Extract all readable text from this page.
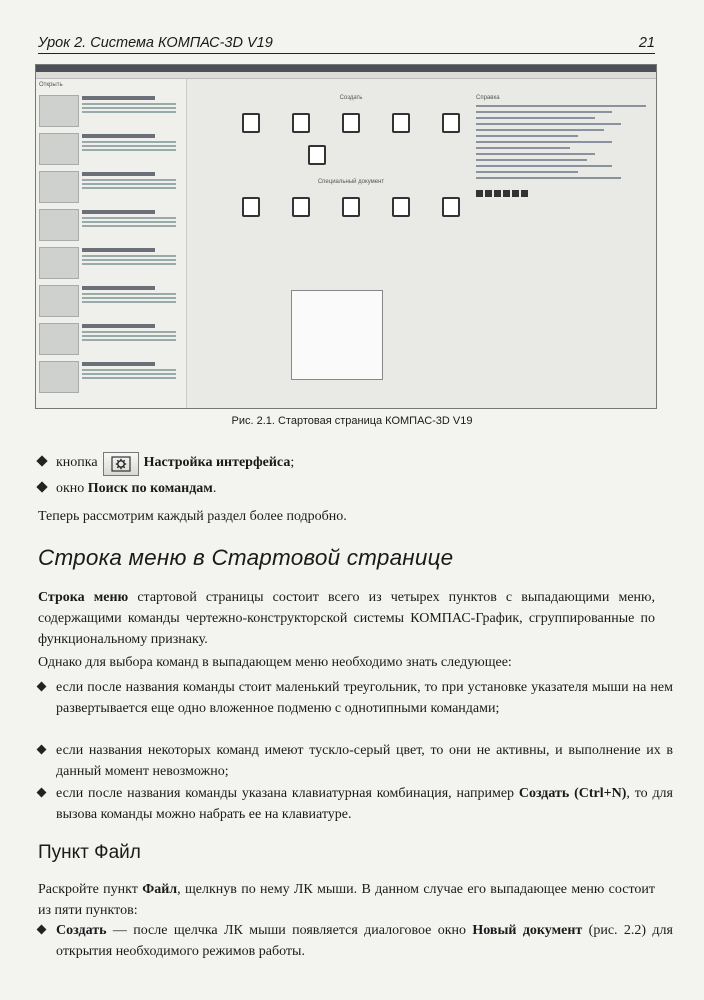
Урок 2. Система КОМПАС-3D V19	21
Открыть
Создать
Специальный документ
Справка
Рис. 2.1. Стартовая страница КОМПАС-3D V19
кнопка	Настройка интерфейса;
окно Поиск по командам.
Теперь рассмотрим каждый раздел более подробно.
Строка меню в Стартовой странице
Строка меню стартовой страницы состоит всего из четырех пунктов с выпадающими меню, содержащими команды чертежно-конструкторской системы КОМПАС-График, сгруппированные по функциональному признаку.
Однако для выбора команд в выпадающем меню необходимо знать следующее:
если после названия команды стоит маленький треугольник, то при установке указателя мыши на нем развертывается еще одно вложенное подменю с однотипными командами;
если названия некоторых команд имеют тускло-серый цвет, то они не активны, и выполнение их в данный момент невозможно;
если после названия команды указана клавиатурная комбинация, например Создать (Ctrl+N), то для вызова команды можно набрать ее на клавиатуре.
Пункт Файл
Раскройте пункт Файл, щелкнув по нему ЛК мыши. В данном случае его выпадающее меню состоит из пяти пунктов:
Создать — после щелчка ЛК мыши появляется диалоговое окно Новый документ (рис. 2.2) для открытия необходимого режимов работы.
